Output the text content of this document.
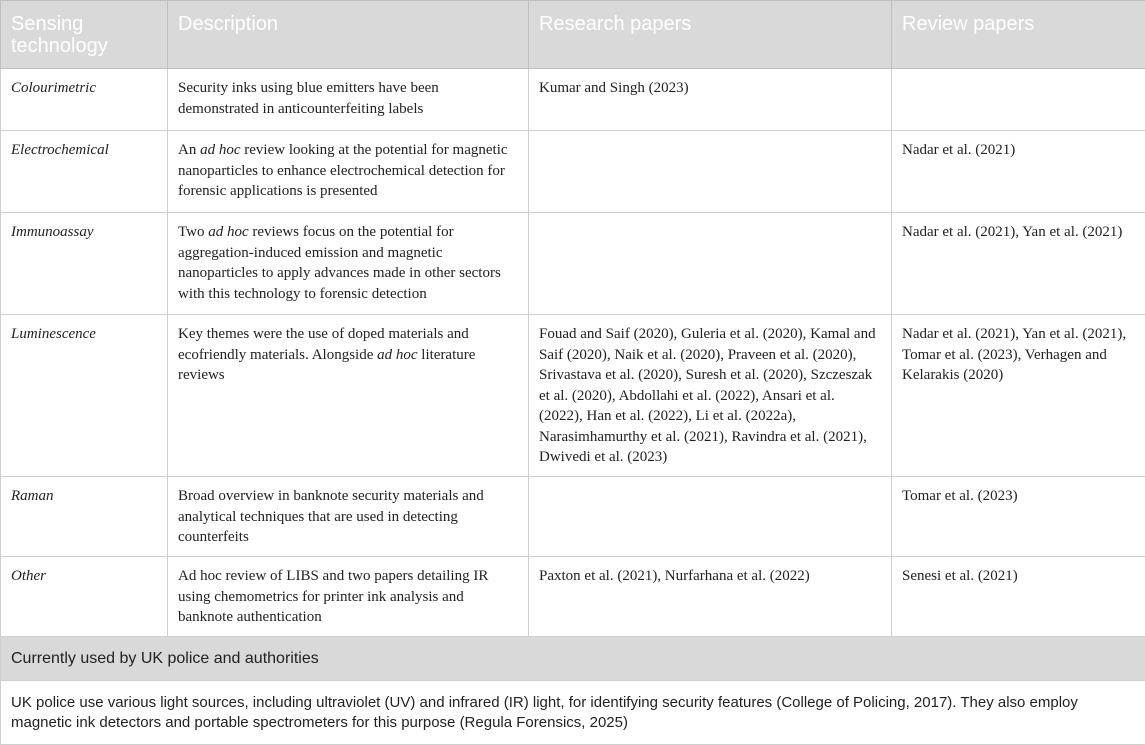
Sensing technology	Description	Research papers	Review papers
Colourimetric	Security inks using blue emitters have been demonstrated in anticounterfeiting labels	Kumar and Singh (2023)	
Electrochemical	An ad hoc review looking at the potential for magnetic nanoparticles to enhance electrochemical detection for forensic applications is presented		Nadar et al. (2021)
Immunoassay	Two ad hoc reviews focus on the potential for aggregation-induced emission and magnetic nanoparticles to apply advances made in other sectors with this technology to forensic detection		Nadar et al. (2021), Yan et al. (2021)
Luminescence	Key themes were the use of doped materials and ecofriendly materials. Alongside ad hoc literature reviews	Fouad and Saif (2020), Guleria et al. (2020), Kamal and Saif (2020), Naik et al. (2020), Praveen et al. (2020), Srivastava et al. (2020), Suresh et al. (2020), Szczeszak et al. (2020), Abdollahi et al. (2022), Ansari et al. (2022), Han et al. (2022), Li et al. (2022a), Narasimhamurthy et al. (2021), Ravindra et al. (2021), Dwivedi et al. (2023)	Nadar et al. (2021), Yan et al. (2021), Tomar et al. (2023), Verhagen and Kelarakis (2020)
Raman	Broad overview in banknote security materials and analytical techniques that are used in detecting counterfeits		Tomar et al. (2023)
Other	Ad hoc review of LIBS and two papers detailing IR using chemometrics for printer ink analysis and banknote authentication	Paxton et al. (2021), Nurfarhana et al. (2022)	Senesi et al. (2021)
Currently used by UK police and authorities			
UK police use various light sources, including ultraviolet (UV) and infrared (IR) light, for identifying security features (College of Policing, 2017). They also employ magnetic ink detectors and portable spectrometers for this purpose (Regula Forensics, 2025)			
